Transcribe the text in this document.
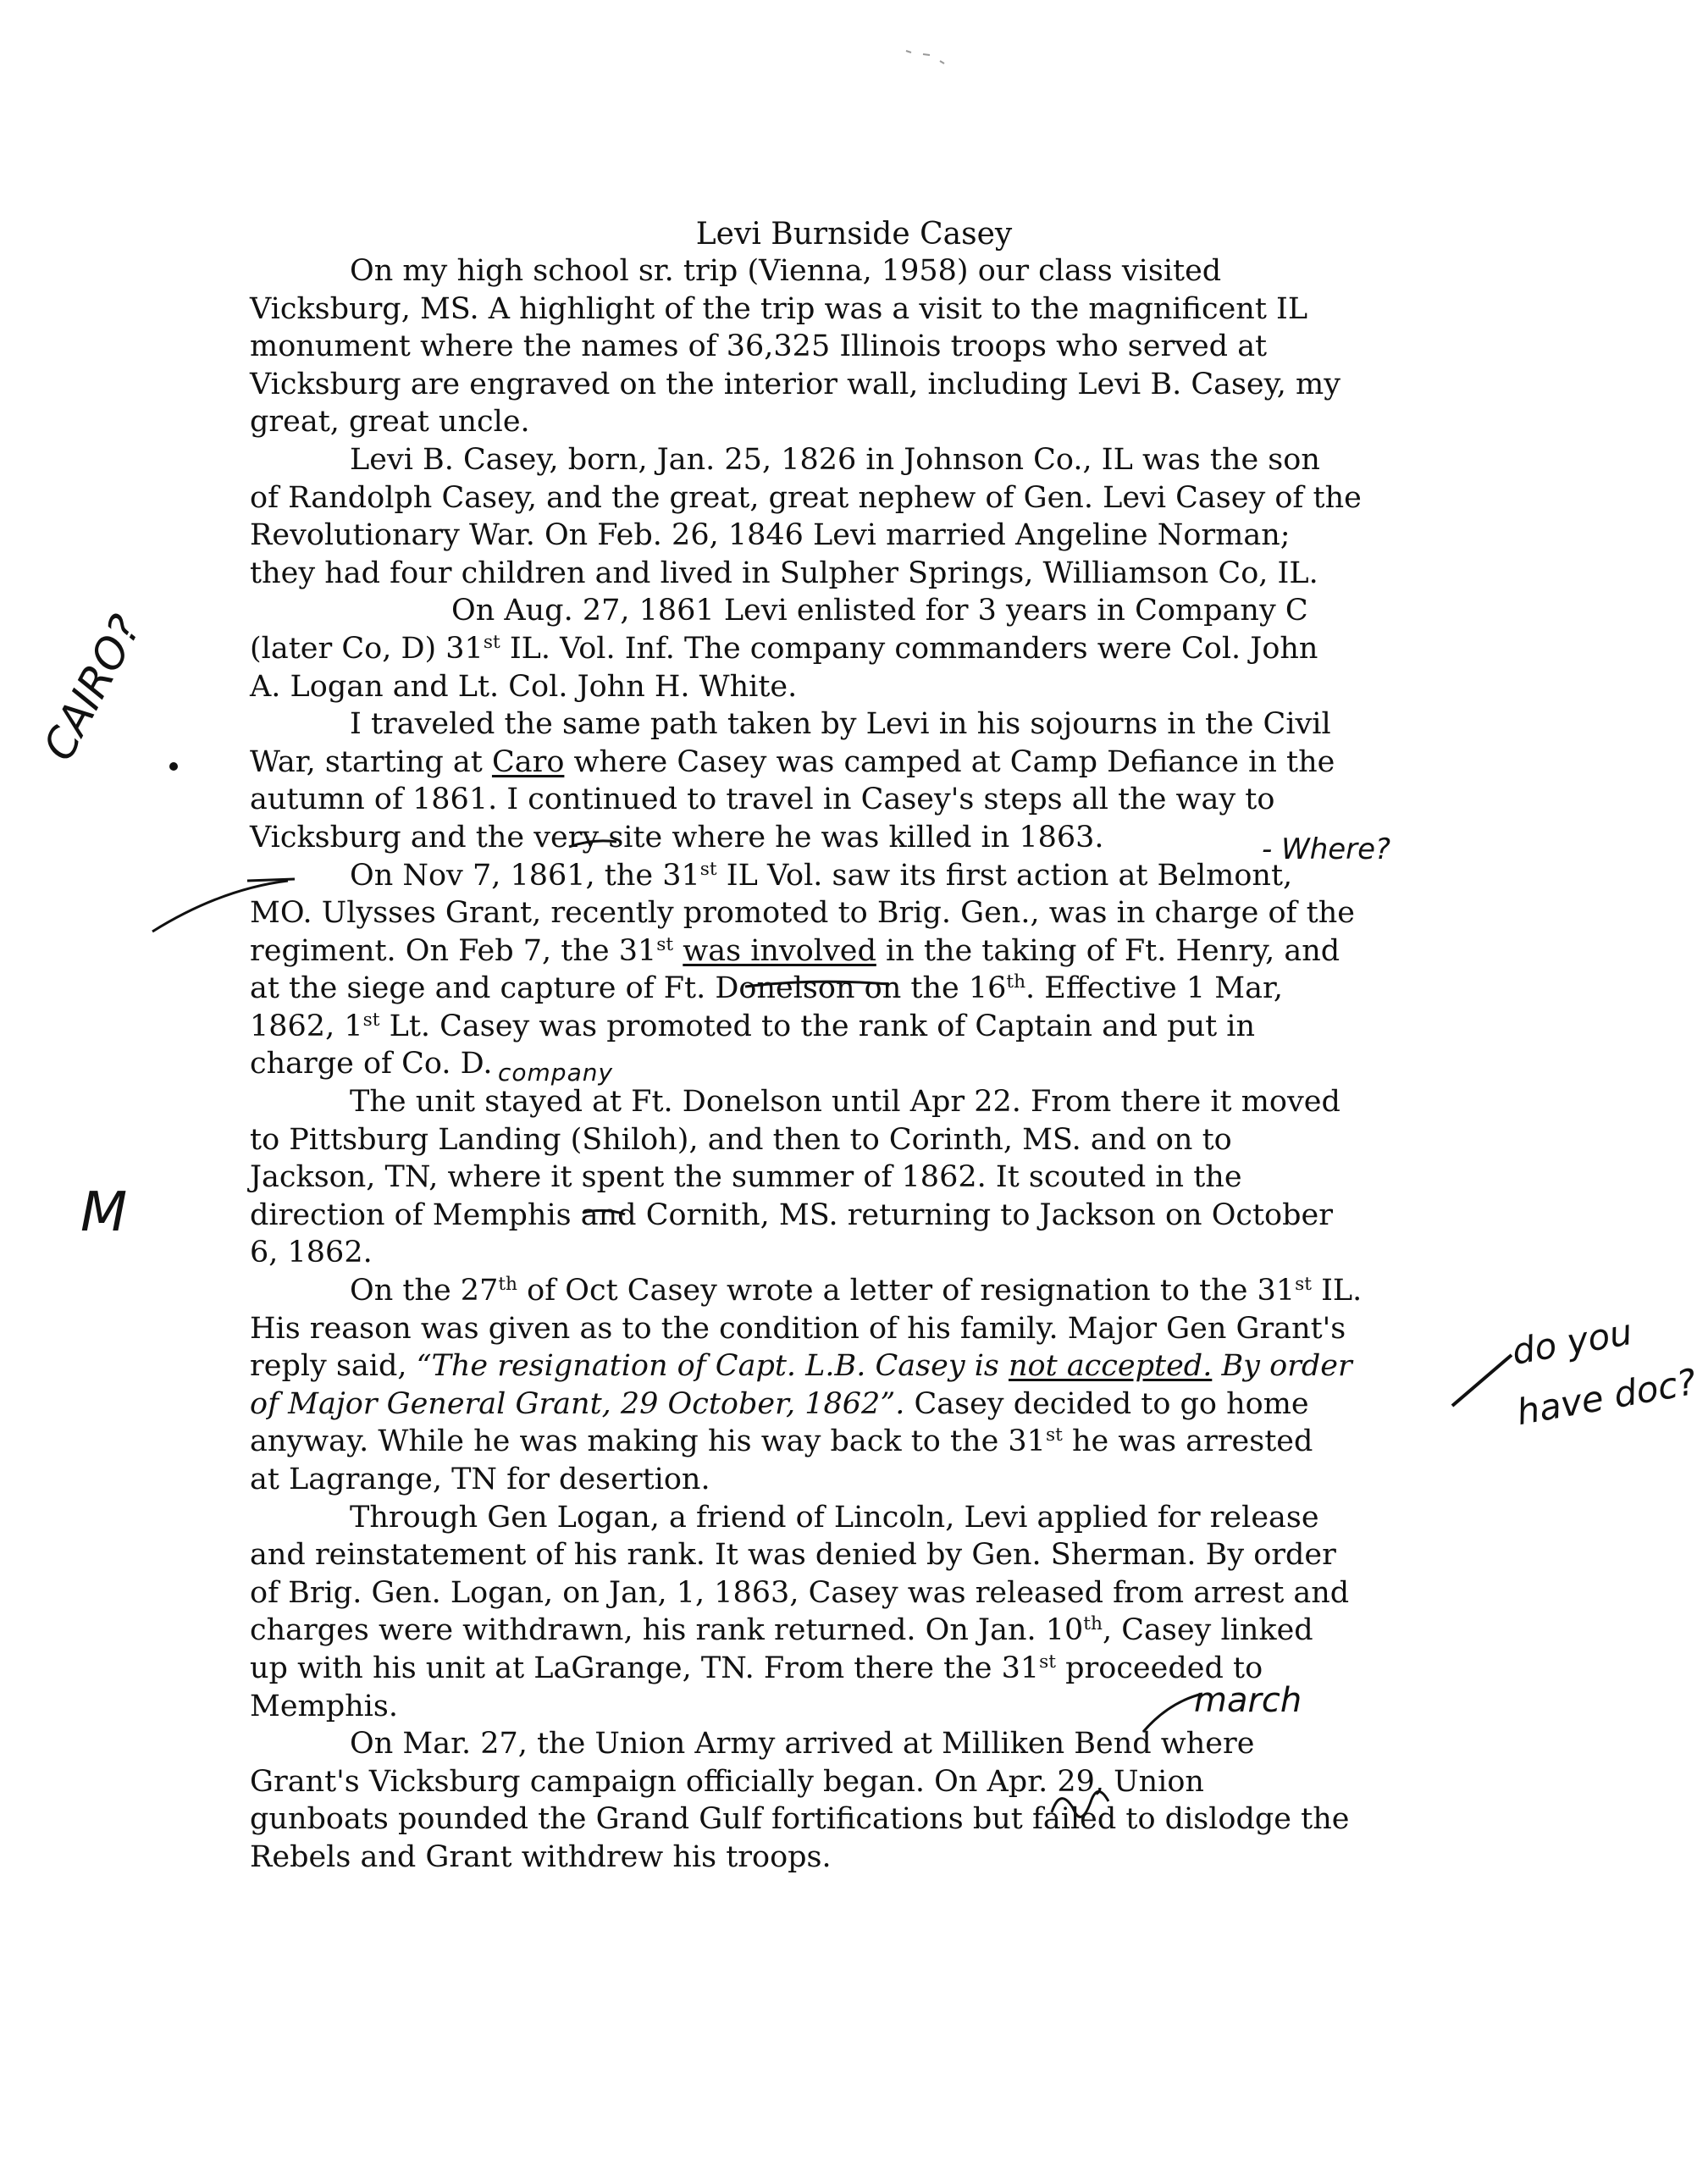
Levi Burnside Casey
On my high school sr. trip (Vienna, 1958) our class visited
Vicksburg, MS. A highlight of the trip was a visit to the magnificent IL
monument where the names of 36,325 Illinois troops who served at
Vicksburg are engraved on the interior wall, including Levi B. Casey, my
great, great uncle.
Levi B. Casey, born, Jan. 25, 1826 in Johnson Co., IL was the son
of Randolph Casey, and the great, great nephew of Gen. Levi Casey of the
Revolutionary War. On Feb. 26, 1846 Levi married Angeline Norman;
they had four children and lived in Sulpher Springs, Williamson Co, IL.
On Aug. 27, 1861 Levi enlisted for 3 years in Company C
(later Co, D) 31st IL. Vol. Inf. The company commanders were Col. John
A. Logan and Lt. Col. John H. White.
I traveled the same path taken by Levi in his sojourns in the Civil
War, starting at Caro where Casey was camped at Camp Defiance in the
autumn of 1861. I continued to travel in Casey's steps all the way to
Vicksburg and the very site where he was killed in 1863.
On Nov 7, 1861, the 31st IL Vol. saw its first action at Belmont,
MO. Ulysses Grant, recently promoted to Brig. Gen., was in charge of the
regiment. On Feb 7, the 31st was involved in the taking of Ft. Henry, and
at the siege and capture of Ft. Donelson on the 16th. Effective 1 Mar,
1862, 1st Lt. Casey was promoted to the rank of Captain and put in
charge of Co. D.
The unit stayed at Ft. Donelson until Apr 22. From there it moved
to Pittsburg Landing (Shiloh), and then to Corinth, MS. and on to
Jackson, TN, where it spent the summer of 1862. It scouted in the
direction of Memphis and Cornith, MS. returning to Jackson on October
6, 1862.
On the 27th of Oct Casey wrote a letter of resignation to the 31st IL.
His reason was given as to the condition of his family. Major Gen Grant's
reply said, “The resignation of Capt. L.B. Casey is not accepted. By order
of Major General Grant, 29 October, 1862”. Casey decided to go home
anyway. While he was making his way back to the 31st he was arrested
at Lagrange, TN for desertion.
Through Gen Logan, a friend of Lincoln, Levi applied for release
and reinstatement of his rank. It was denied by Gen. Sherman. By order
of Brig. Gen. Logan, on Jan, 1, 1863, Casey was released from arrest and
charges were withdrawn, his rank returned. On Jan. 10th, Casey linked
up with his unit at LaGrange, TN. From there the 31st proceeded to
Memphis.
On Mar. 27, the Union Army arrived at Milliken Bend where
Grant's Vicksburg campaign officially began. On Apr. 29, Union
gunboats pounded the Grand Gulf fortifications but failed to dislodge the
Rebels and Grant withdrew his troops.
CAIRO?
- Where?
company
M
do you
have doc?
march
